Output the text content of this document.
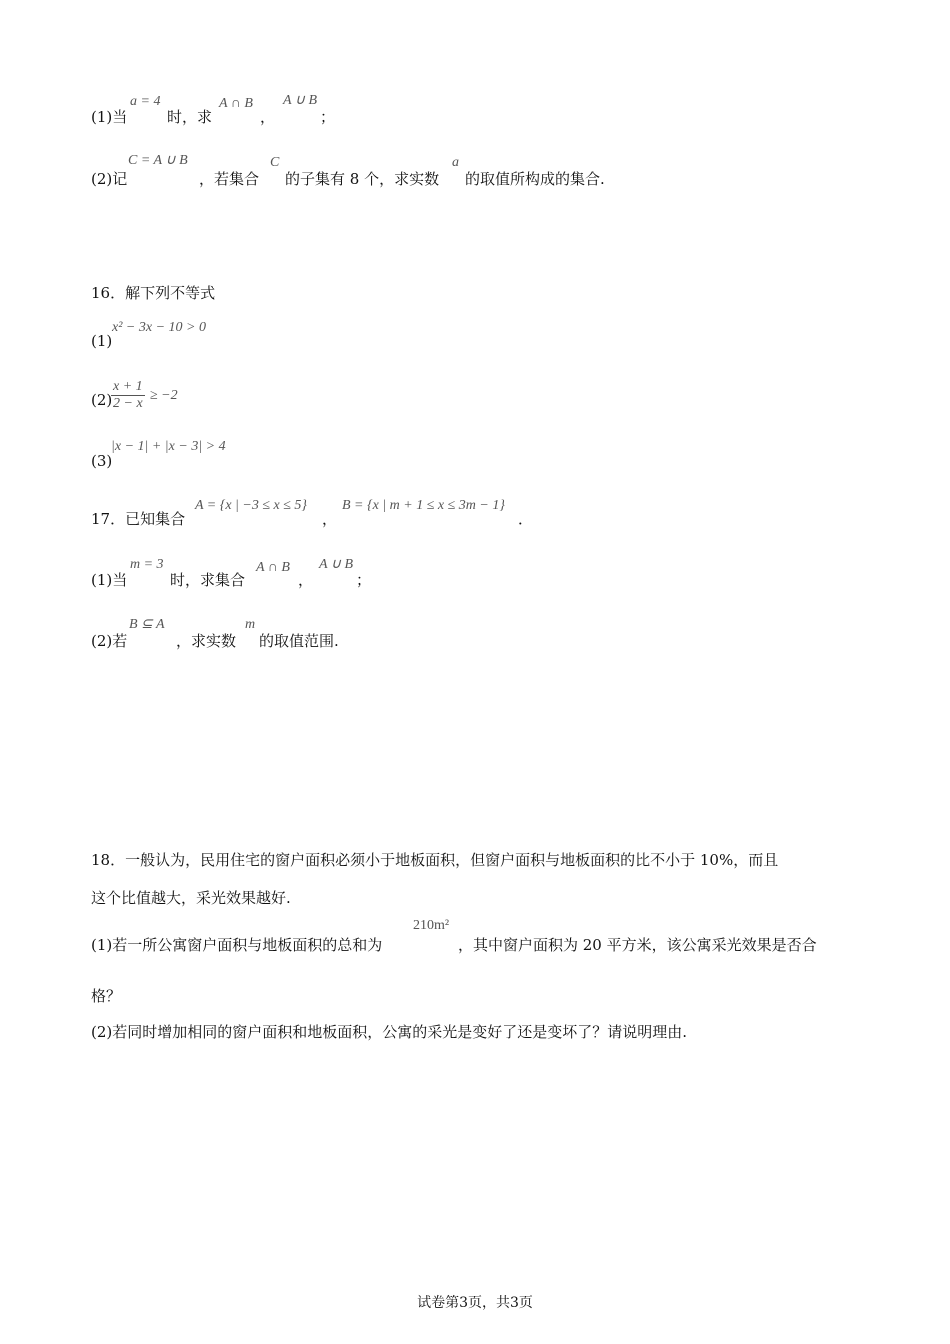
(1)当
a = 4
时，求
A ∩ B
，
A ∪ B
；
(2)记
C = A ∪ B
，若集合
C
的子集有 8 个，求实数
a
的取值所构成的集合.
16．解下列不等式
(1)
x² − 3x − 10 > 0
(2)
$\frac{x + 1}{2 - x} \ge -2$
(3)
|x − 1| + |x − 3| > 4
17．已知集合
A = {x | −3 ≤ x ≤ 5}
，
B = {x | m + 1 ≤ x ≤ 3m − 1}
．
(1)当
m = 3
时，求集合
A ∩ B
，
A ∪ B
；
(2)若
B ⊆ A
，求实数
m
的取值范围.
18．一般认为，民用住宅的窗户面积必须小于地板面积，但窗户面积与地板面积的比不小于 10%，而且
这个比值越大，采光效果越好.
(1)若一所公寓窗户面积与地板面积的总和为
210m²
，其中窗户面积为 20 平方米，该公寓采光效果是否合
格？
(2)若同时增加相同的窗户面积和地板面积，公寓的采光是变好了还是变坏了？请说明理由.
试卷第3页，共3页
